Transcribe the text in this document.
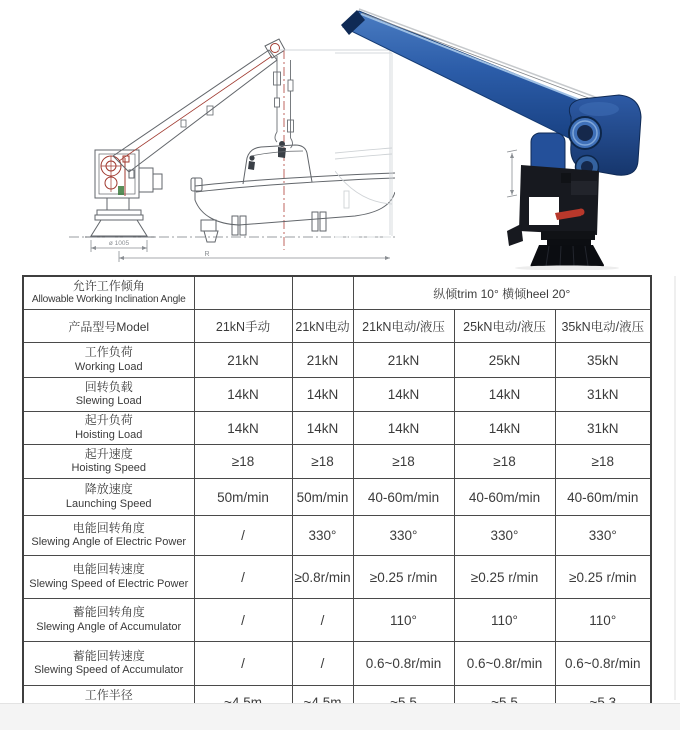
ø 1005
R
允许工作倾角
Allowable Working Inclination Angle			纵倾trim 10° 横倾heel 20°		
产品型号Model	21kN手动	21kN电动	21kN电动/液压	25kN电动/液压	35kN电动/液压

工作负荷
Working Load	21kN	21kN	21kN	25kN	35kN

回转负载
Slewing Load	14kN	14kN	14kN	14kN	31kN

起升负荷
Hoisting Load	14kN	14kN	14kN	14kN	31kN

起升速度
Hoisting Speed	≥18	≥18	≥18	≥18	≥18

降放速度
Launching Speed	50m/min	50m/min	40-60m/min	40-60m/min	40-60m/min

电能回转角度
Slewing Angle of Electric Power	/	330°	330°	330°	330°

电能回转速度
Slewing Speed of Electric Power	/	≥0.8r/min	≥0.25 r/min	≥0.25 r/min	≥0.25 r/min

蓄能回转角度
Slewing Angle of Accumulator	/	/	110°	110°	110°

蓄能回转速度
Slewing Speed of Accumulator	/	/	0.6~0.8r/min	0.6~0.8r/min	0.6~0.8r/min

工作半径
